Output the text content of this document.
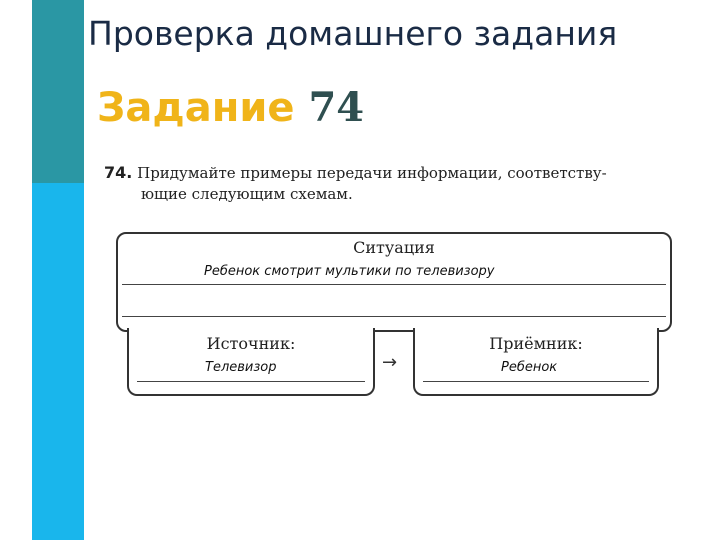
Проверка домашнего задания
Задание 74
74. Придумайте примеры передачи информации, соответству-
ющие следующим схемам.
Ситуация
Ребенок смотрит мультики по телевизору
Источник:
Телевизор	→
Приёмник:
Ребенок
